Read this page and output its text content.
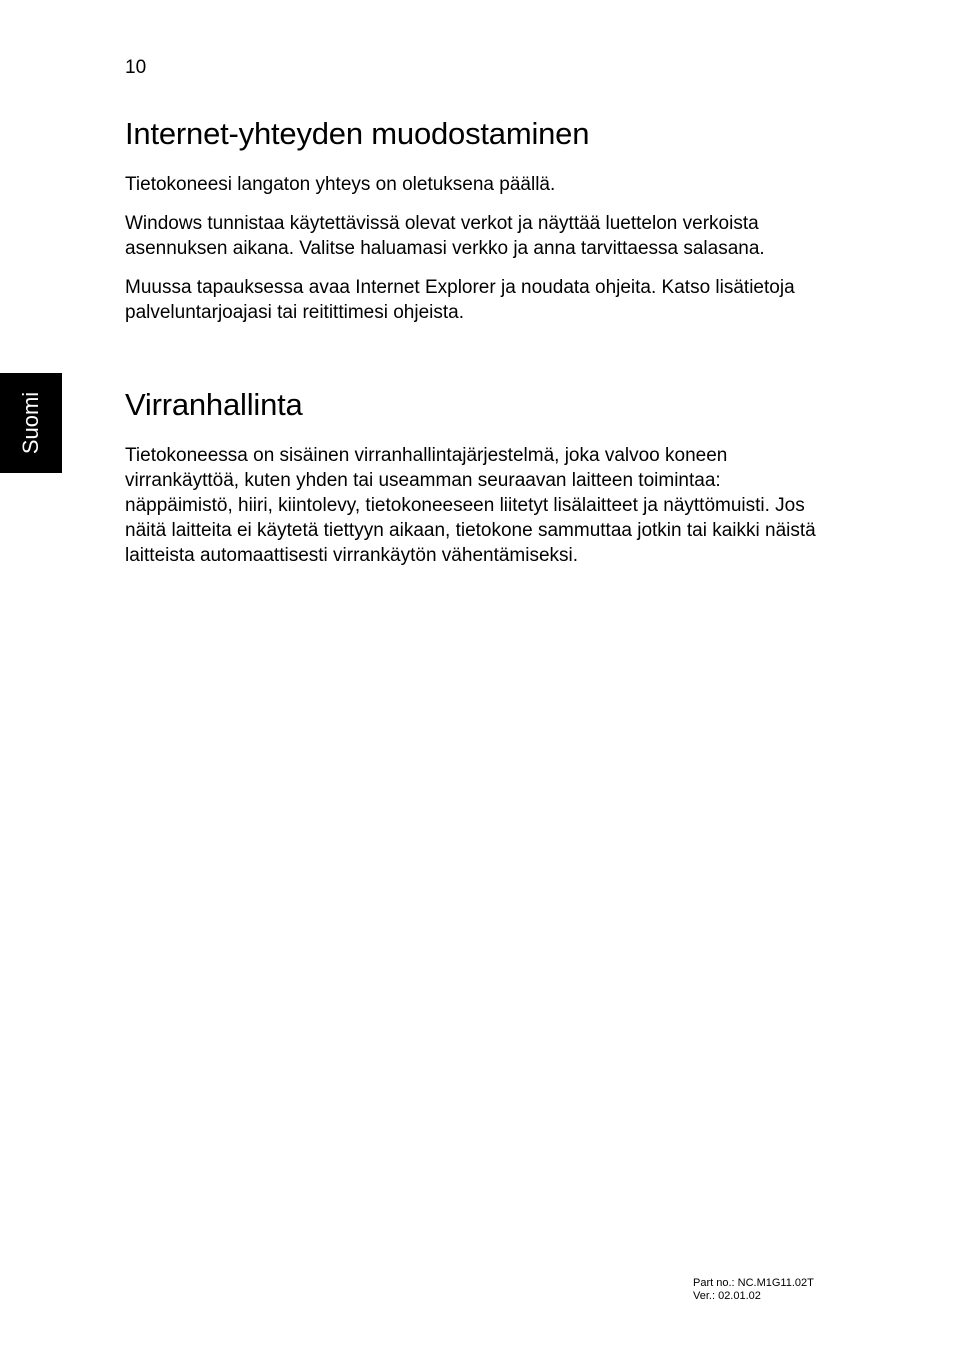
10
Suomi
Internet-yhteyden muodostaminen

Tietokoneesi langaton yhteys on oletuksena päällä.

Windows tunnistaa käytettävissä olevat verkot ja näyttää luettelon verkoista asennuksen aikana. Valitse haluamasi verkko ja anna tarvittaessa salasana.

Muussa tapauksessa avaa Internet Explorer ja noudata ohjeita. Katso lisätietoja palveluntarjoajasi tai reitittimesi ohjeista.

Virranhallinta

Tietokoneessa on sisäinen virranhallintajärjestelmä, joka valvoo koneen virrankäyttöä, kuten yhden tai useamman seuraavan laitteen toimintaa: näppäimistö, hiiri, kiintolevy, tietokoneeseen liitetyt lisälaitteet ja näyttömuisti. Jos näitä laitteita ei käytetä tiettyyn aikaan, tietokone sammuttaa jotkin tai kaikki näistä laitteista automaattisesti virrankäytön vähentämiseksi.

Part no.: NC.M1G11.02T
Ver.: 02.01.02
